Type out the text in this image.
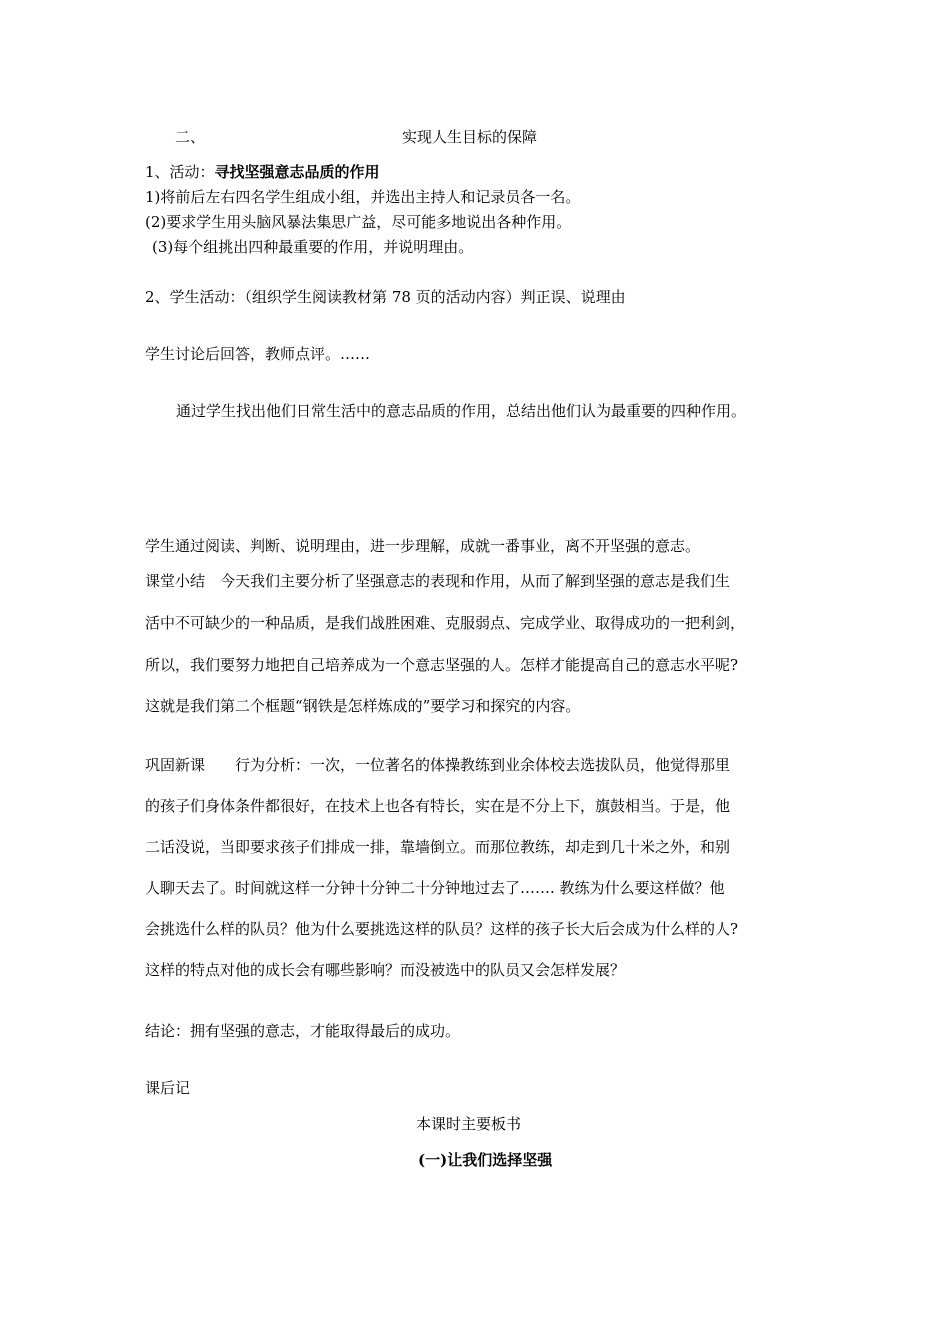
二、	实现人生目标的保障
1、活动：寻找坚强意志品质的作用
1)将前后左右四名学生组成小组，并选出主持人和记录员各一名。
(2)要求学生用头脑风暴法集思广益，尽可能多地说出各种作用。
(3)每个组挑出四种最重要的作用，并说明理由。
2、学生活动：（组织学生阅读教材第 78 页的活动内容）判正误、说理由
学生讨论后回答，教师点评。……
通过学生找出他们日常生活中的意志品质的作用，总结出他们认为最重要的四种作用。
学生通过阅读、判断、说明理由，进一步理解，成就一番事业，离不开坚强的意志。
课堂小结　今天我们主要分析了坚强意志的表现和作用，从而了解到坚强的意志是我们生
活中不可缺少的一种品质，是我们战胜困难、克服弱点、完成学业、取得成功的一把利剑，
所以，我们要努力地把自己培养成为一个意志坚强的人。怎样才能提高自己的意志水平呢?
这就是我们第二个框题“钢铁是怎样炼成的”要学习和探究的内容。
巩固新课　　行为分析：一次，一位著名的体操教练到业余体校去选拔队员，他觉得那里
的孩子们身体条件都很好，在技术上也各有特长，实在是不分上下，旗鼓相当。于是，他
二话没说，当即要求孩子们排成一排，靠墙倒立。而那位教练，却走到几十米之外，和别
人聊天去了。时间就这样一分钟十分钟二十分钟地过去了……. 教练为什么要这样做？他
会挑选什么样的队员？他为什么要挑选这样的队员？这样的孩子长大后会成为什么样的人?
这样的特点对他的成长会有哪些影响？而没被选中的队员又会怎样发展？
结论：拥有坚强的意志，才能取得最后的成功。
课后记
本课时主要板书
(一)让我们选择坚强
